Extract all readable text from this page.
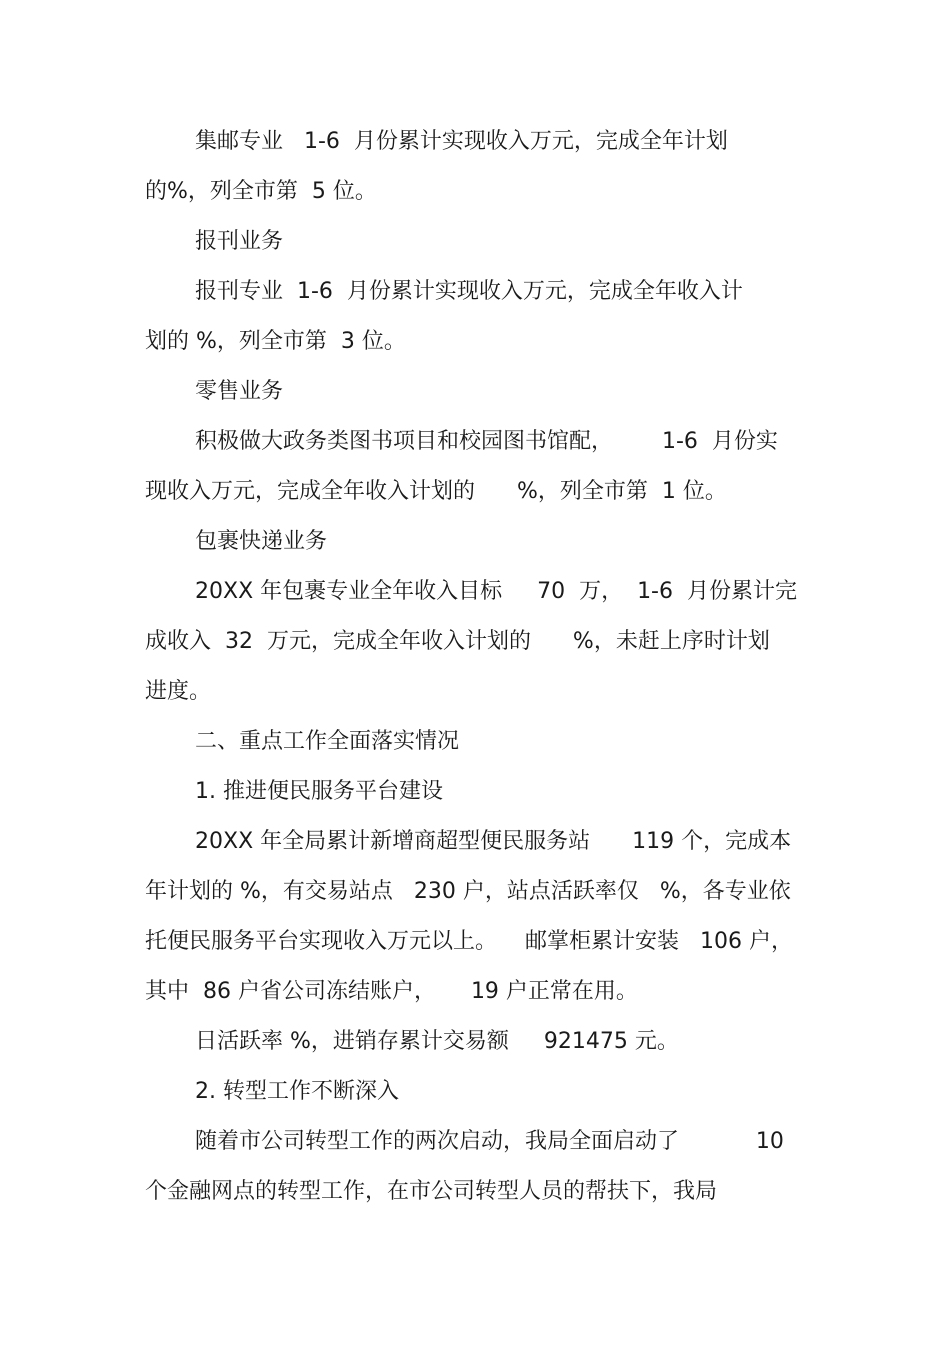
集邮专业   1-6  月份累计实现收入万元，完成全年计划

的%，列全市第  5 位。

报刊业务

报刊专业  1-6  月份累计实现收入万元，完成全年收入计

划的 %，列全市第  3 位。

零售业务

积极做大政务类图书项目和校园图书馆配，       1-6  月份实

现收入万元，完成全年收入计划的      %，列全市第  1 位。

包裹快递业务

20XX 年包裹专业全年收入目标     70  万，  1-6  月份累计完

成收入  32  万元，完成全年收入计划的      %，未赶上序时计划

进度。

二、重点工作全面落实情况

1. 推进便民服务平台建设

20XX 年全局累计新增商超型便民服务站      119 个，完成本

年计划的 %，有交易站点   230 户，站点活跃率仅   %，各专业依

托便民服务平台实现收入万元以上。    邮掌柜累计安装   106 户，

其中  86 户省公司冻结账户，     19 户正常在用。

日活跃率 %，进销存累计交易额     921475 元。

2. 转型工作不断深入

随着市公司转型工作的两次启动，我局全面启动了           10

个金融网点的转型工作，在市公司转型人员的帮扶下，我局
